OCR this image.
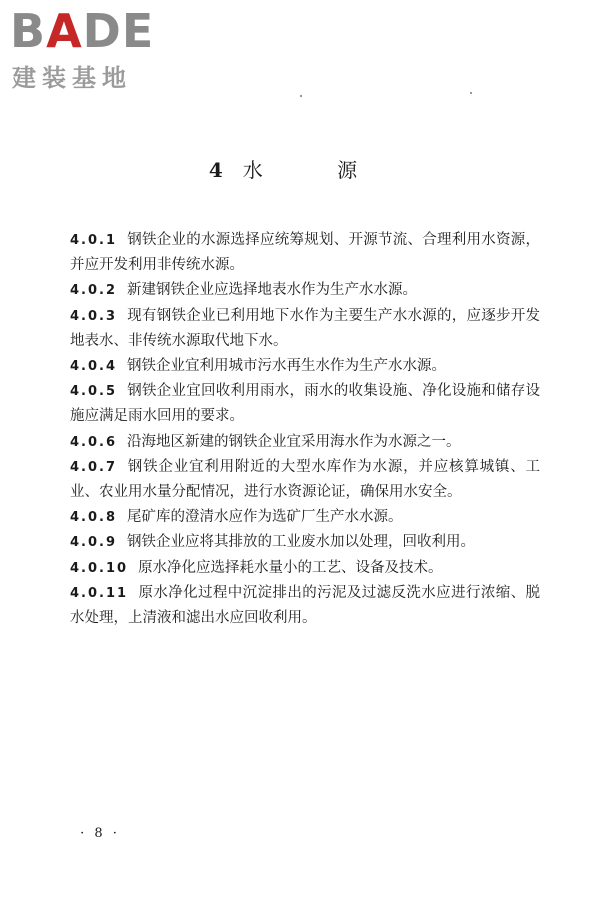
BADE
建装基地
4 水 源

4.0.1 钢铁企业的水源选择应统筹规划、开源节流、合理利用水资源，并应开发利用非传统水源。

4.0.2 新建钢铁企业应选择地表水作为生产水水源。

4.0.3 现有钢铁企业已利用地下水作为主要生产水水源的，应逐步开发地表水、非传统水源取代地下水。

4.0.4 钢铁企业宜利用城市污水再生水作为生产水水源。

4.0.5 钢铁企业宜回收利用雨水，雨水的收集设施、净化设施和储存设施应满足雨水回用的要求。

4.0.6 沿海地区新建的钢铁企业宜采用海水作为水源之一。

4.0.7 钢铁企业宜利用附近的大型水库作为水源，并应核算城镇、工业、农业用水量分配情况，进行水资源论证，确保用水安全。

4.0.8 尾矿库的澄清水应作为选矿厂生产水水源。

4.0.9 钢铁企业应将其排放的工业废水加以处理，回收利用。

4.0.10 原水净化应选择耗水量小的工艺、设备及技术。

4.0.11 原水净化过程中沉淀排出的污泥及过滤反洗水应进行浓缩、脱水处理，上清液和滤出水应回收利用。

· 8 ·
